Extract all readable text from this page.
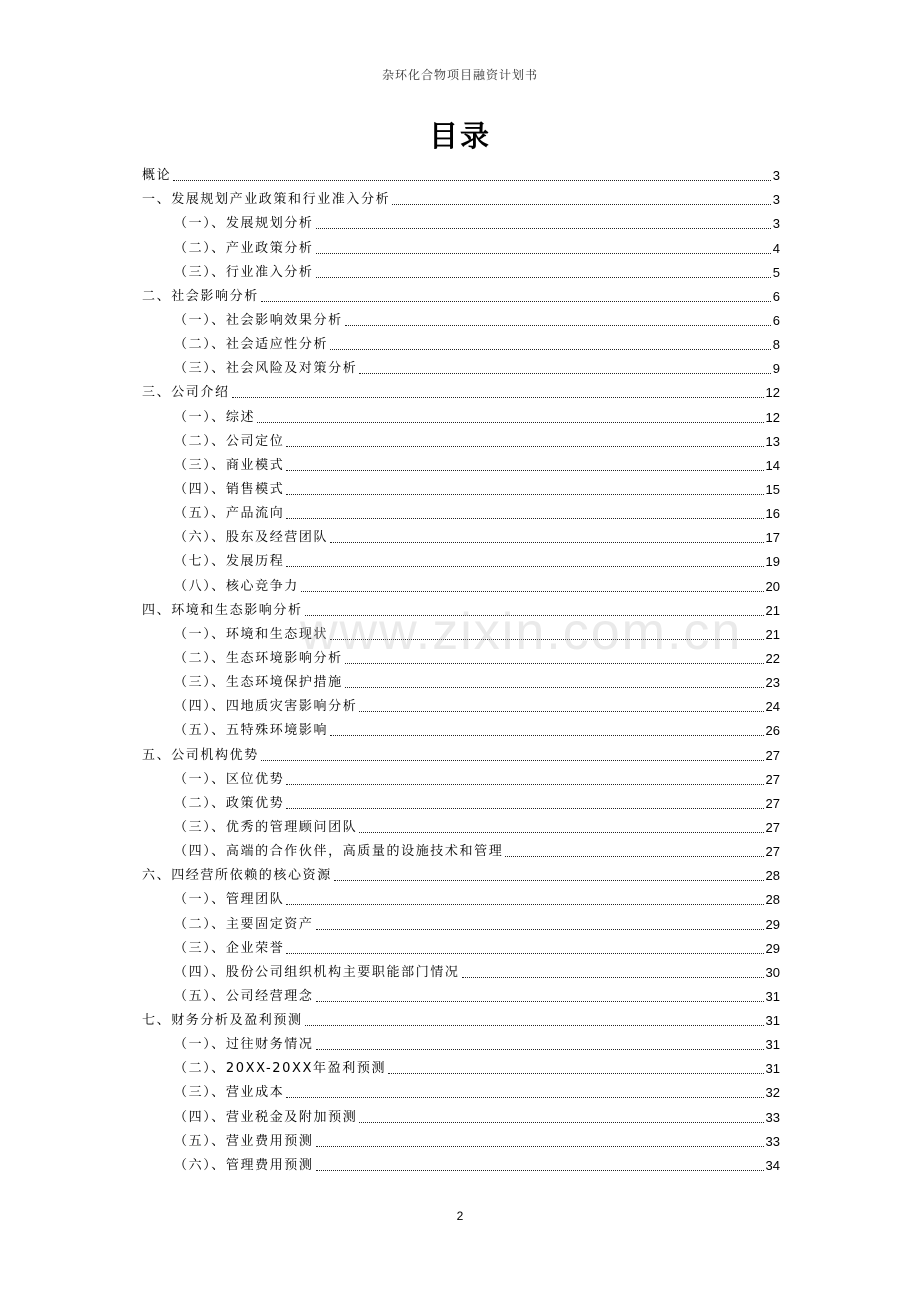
杂环化合物项目融资计划书
目录
概论	3
一、发展规划产业政策和行业准入分析	3
（一）、发展规划分析	3
（二）、产业政策分析	4
（三）、行业准入分析	5
二、社会影响分析	6
（一）、社会影响效果分析	6
（二）、社会适应性分析	8
（三）、社会风险及对策分析	9
三、公司介绍	12
（一）、综述	12
（二）、公司定位	13
（三）、商业模式	14
（四）、销售模式	15
（五）、产品流向	16
（六）、股东及经营团队	17
（七）、发展历程	19
（八）、核心竞争力	20
四、环境和生态影响分析	21
（一）、环境和生态现状	21
（二）、生态环境影响分析	22
（三）、生态环境保护措施	23
（四）、四地质灾害影响分析	24
（五）、五特殊环境影响	26
五、公司机构优势	27
（一）、区位优势	27
（二）、政策优势	27
（三）、优秀的管理顾问团队	27
（四）、高端的合作伙伴，高质量的设施技术和管理	27
六、四经营所依赖的核心资源	28
（一）、管理团队	28
（二）、主要固定资产	29
（三）、企业荣誉	29
（四）、股份公司组织机构主要职能部门情况	30
（五）、公司经营理念	31
七、财务分析及盈利预测	31
（一）、过往财务情况	31
（二）、20XX-20XX年盈利预测	31
（三）、营业成本	32
（四）、营业税金及附加预测	33
（五）、营业费用预测	33
（六）、管理费用预测	34
www.zixin.com.cn
2
